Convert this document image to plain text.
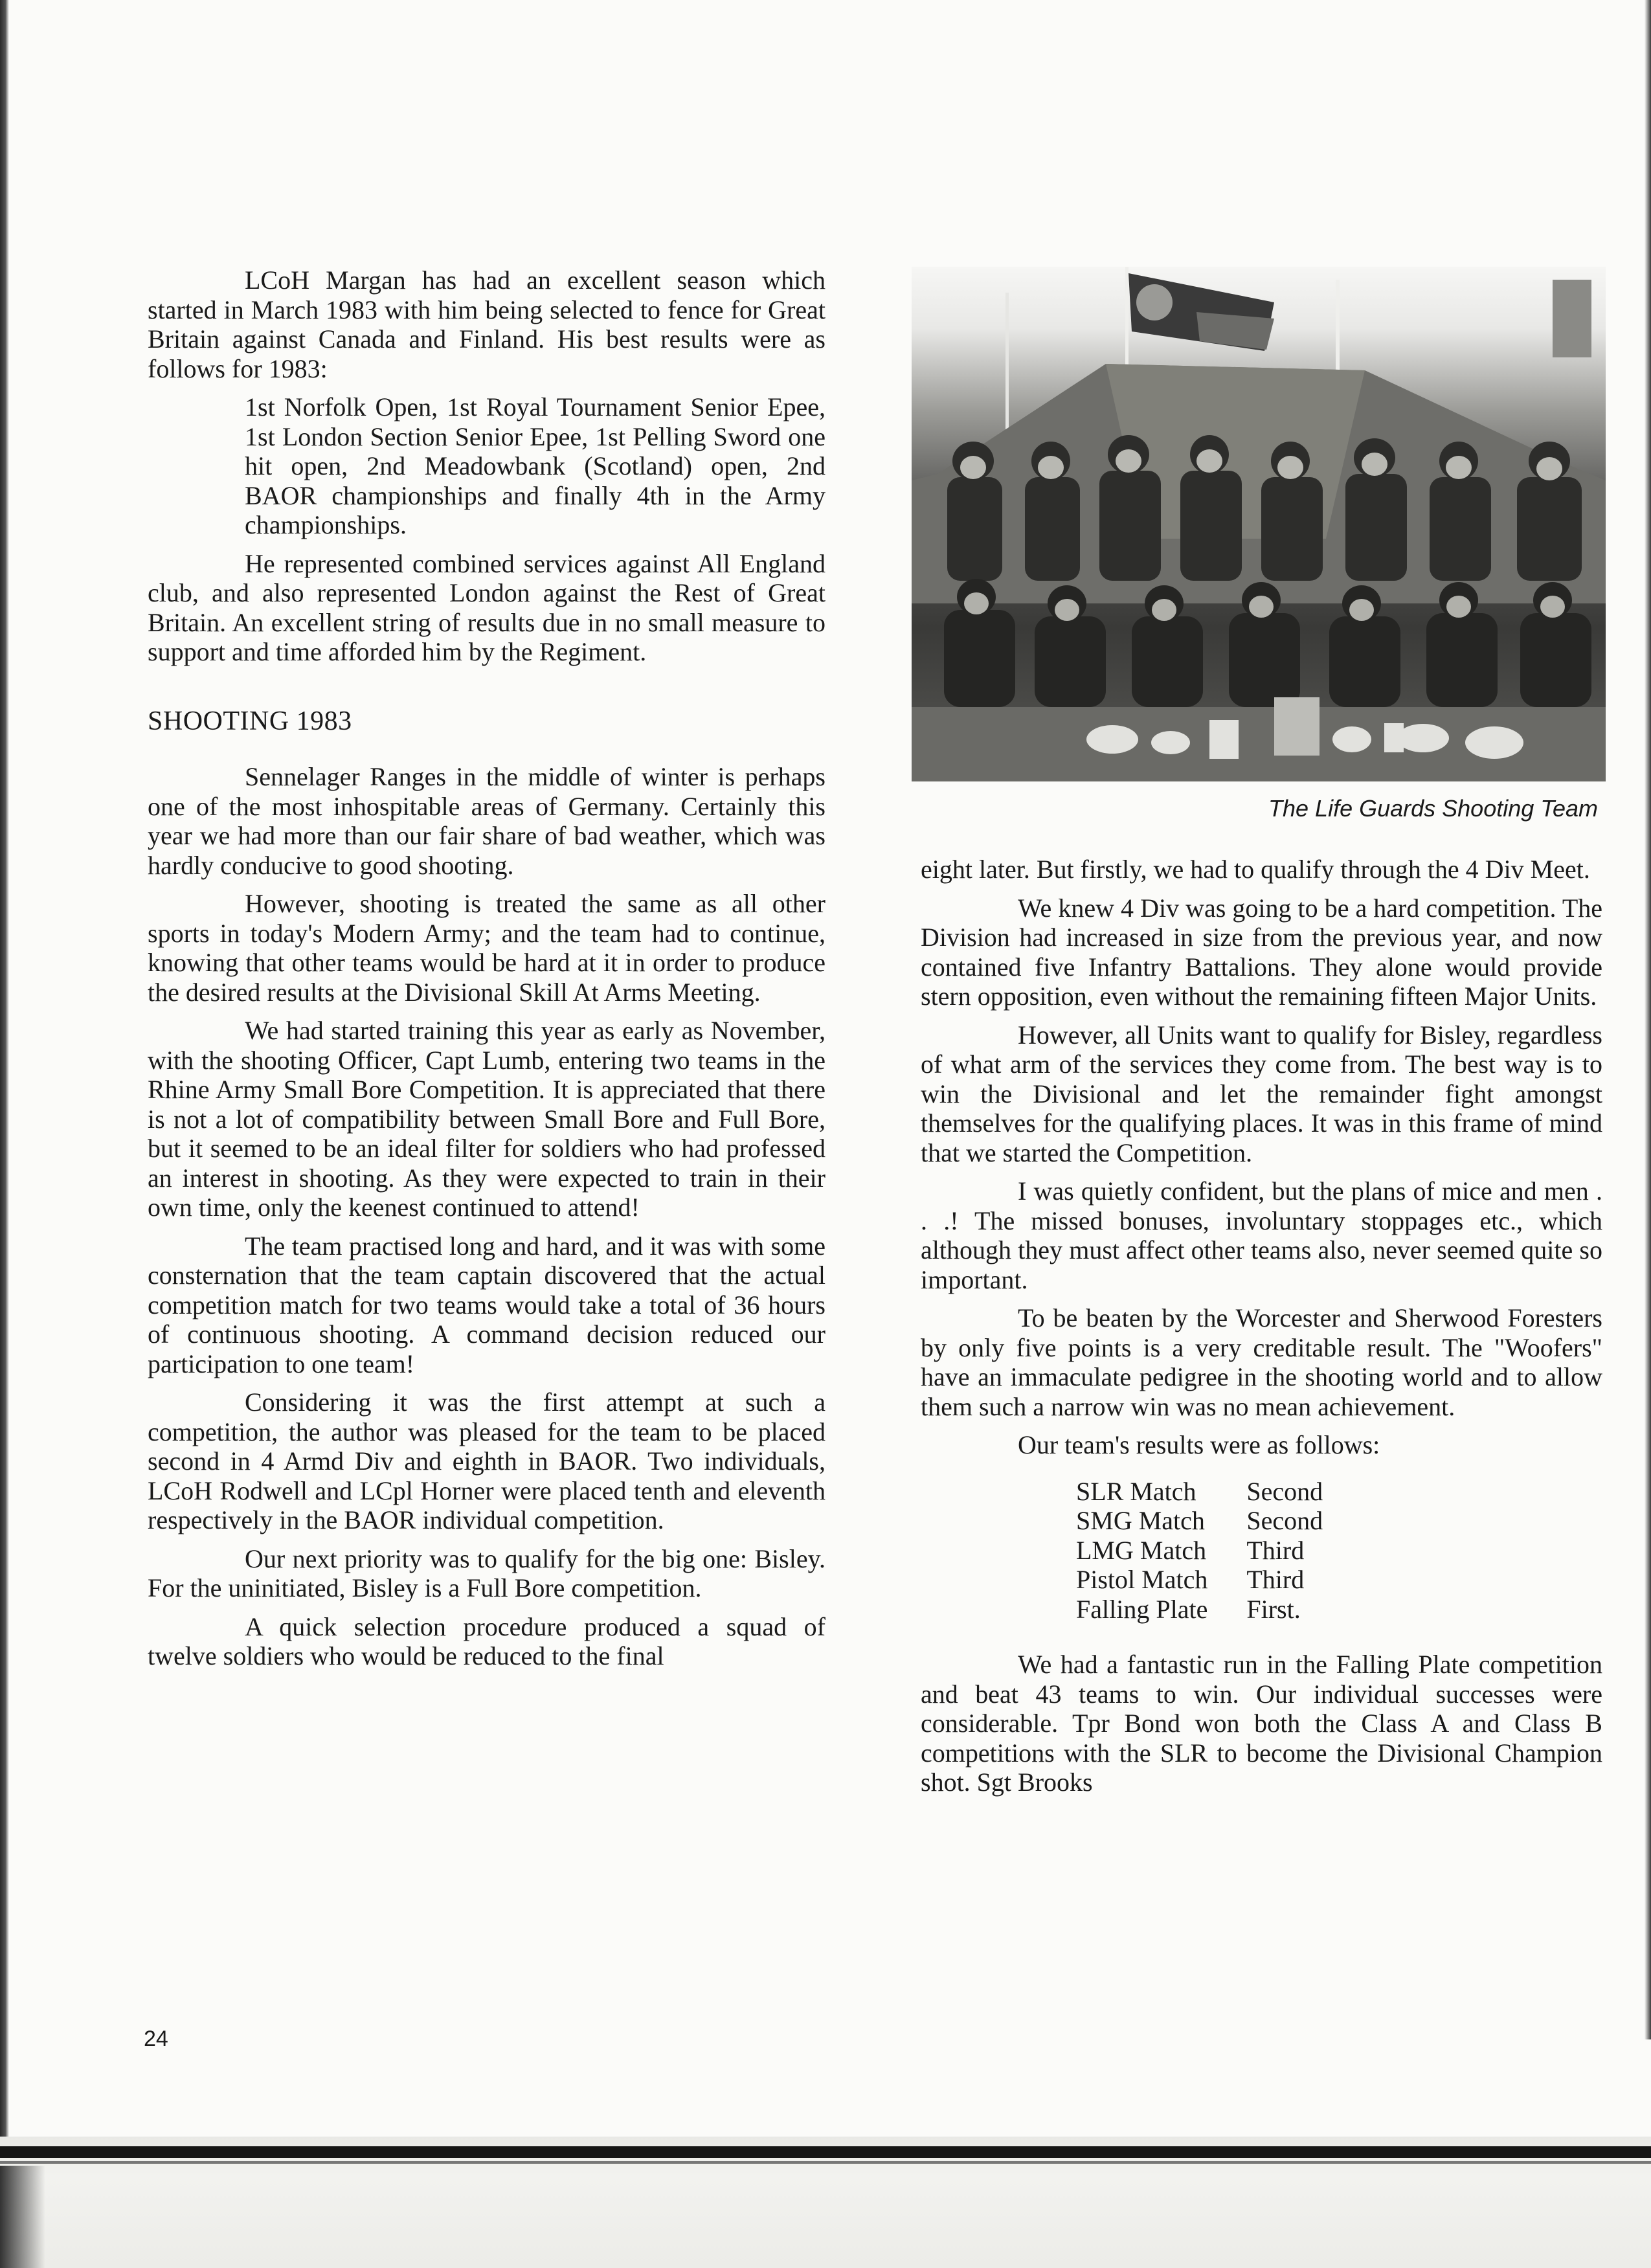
LCoH Margan has had an excellent season which started in March 1983 with him being selected to fence for Great Britain against Canada and Finland. His best results were as follows for 1983:

1st Norfolk Open, 1st Royal Tournament Senior Epee, 1st London Section Senior Epee, 1st Pelling Sword one hit open, 2nd Meadowbank (Scotland) open, 2nd BAOR championships and finally 4th in the Army championships.

He represented combined services against All England club, and also represented London against the Rest of Great Britain. An excellent string of results due in no small measure to support and time afforded him by the Regiment.

SHOOTING 1983

Sennelager Ranges in the middle of winter is perhaps one of the most inhospitable areas of Germany. Certainly this year we had more than our fair share of bad weather, which was hardly conducive to good shooting.

However, shooting is treated the same as all other sports in today's Modern Army; and the team had to continue, knowing that other teams would be hard at it in order to produce the desired results at the Divisional Skill At Arms Meeting.

We had started training this year as early as November, with the shooting Officer, Capt Lumb, entering two teams in the Rhine Army Small Bore Competition. It is appreciated that there is not a lot of compatibility between Small Bore and Full Bore, but it seemed to be an ideal filter for soldiers who had professed an interest in shooting. As they were expected to train in their own time, only the keenest continued to attend!

The team practised long and hard, and it was with some consternation that the team captain discovered that the actual competition match for two teams would take a total of 36 hours of continuous shooting. A command decision reduced our participation to one team!

Considering it was the first attempt at such a competition, the author was pleased for the team to be placed second in 4 Armd Div and eighth in BAOR. Two individuals, LCoH Rodwell and LCpl Horner were placed tenth and eleventh respectively in the BAOR individual competition.

Our next priority was to qualify for the big one: Bisley. For the uninitiated, Bisley is a Full Bore competition.

A quick selection procedure produced a squad of twelve soldiers who would be reduced to the final

The Life Guards Shooting Team

eight later. But firstly, we had to qualify through the 4 Div Meet.

We knew 4 Div was going to be a hard competition. The Division had increased in size from the previous year, and now contained five Infantry Battalions. They alone would provide stern opposition, even without the remaining fifteen Major Units.

However, all Units want to qualify for Bisley, regardless of what arm of the services they come from. The best way is to win the Divisional and let the remainder fight amongst themselves for the qualifying places. It was in this frame of mind that we started the Competition.

I was quietly confident, but the plans of mice and men . . .! The missed bonuses, involuntary stoppages etc., which although they must affect other teams also, never seemed quite so important.

To be beaten by the Worcester and Sherwood Foresters by only five points is a very creditable result. The "Woofers" have an immaculate pedigree in the shooting world and to allow them such a narrow win was no mean achievement.

Our team's results were as follows:

SLR Match	Second
SMG Match	Second
LMG Match	Third
Pistol Match	Third
Falling Plate	First.

We had a fantastic run in the Falling Plate competition and beat 43 teams to win. Our individual successes were considerable. Tpr Bond won both the Class A and Class B competitions with the SLR to become the Divisional Champion shot. Sgt Brooks

24
